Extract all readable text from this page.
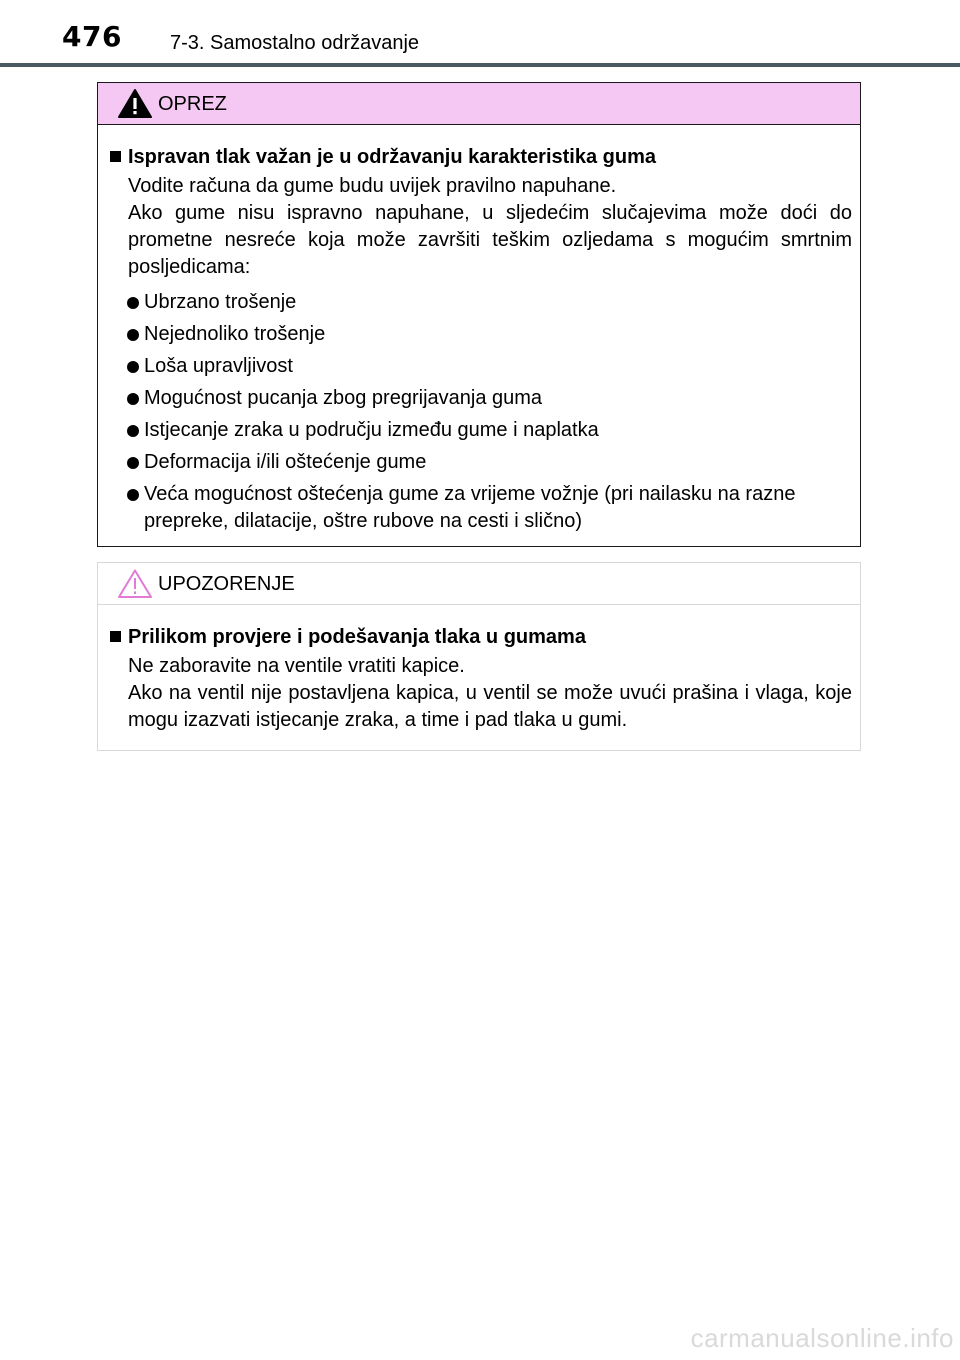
476 7-3. Samostalno održavanje
OPREZ
Ispravan tlak važan je u održavanju karakteristika guma
Vodite računa da gume budu uvijek pravilno napuhane.
Ako gume nisu ispravno napuhane, u sljedećim slučajevima može doći do prometne nesreće koja može završiti teškim ozljedama s mogućim smrtnim posljedicama:
Ubrzano trošenje
Nejednoliko trošenje
Loša upravljivost
Mogućnost pucanja zbog pregrijavanja guma
Istjecanje zraka u području između gume i naplatka
Deformacija i/ili oštećenje gume
Veća mogućnost oštećenja gume za vrijeme vožnje (pri nailasku na razne prepreke, dilatacije, oštre rubove na cesti i slično)
UPOZORENJE
Prilikom provjere i podešavanja tlaka u gumama
Ne zaboravite na ventile vratiti kapice.
Ako na ventil nije postavljena kapica, u ventil se može uvući prašina i vlaga, koje mogu izazvati istjecanje zraka, a time i pad tlaka u gumi.
carmanualsonline.info
